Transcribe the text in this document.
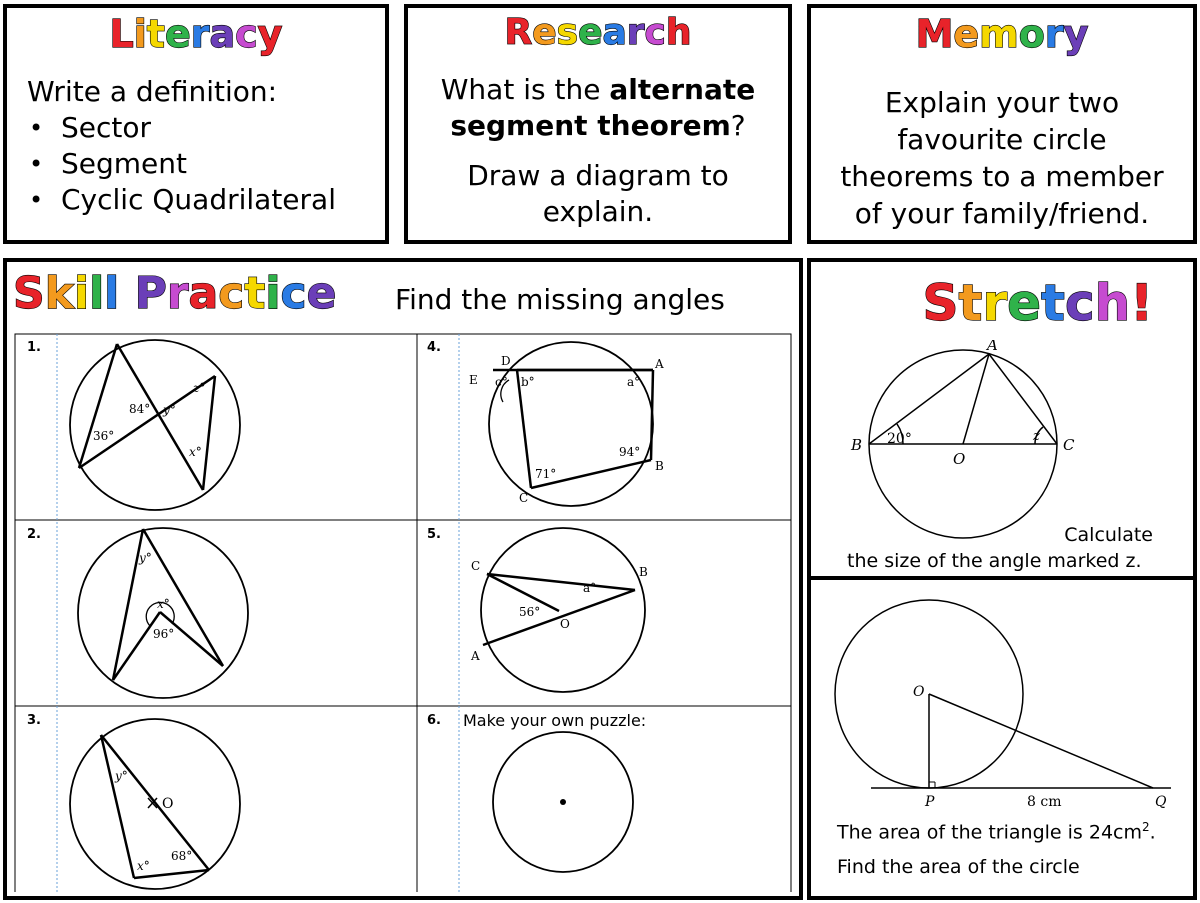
Literacy
Write a definition:
• Sector
• Segment
• Cyclic Quadrilateral
Research
What is the alternate
segment theorem?
Draw a diagram to
explain.
Memory
Explain your two
favourite circle
theorems to a member
of your family/friend.
Skill Practice Find the missing angles
1.
2.
3.
4.
5.
6.
84°
36°
y°
z°
x°
y°
x°
96°
y°
O
x°
68°
D	A
E c° b°	a°
94°
B
71°
C
C	B
a°
56°
O
A
Make your own puzzle:
Stretch!
A
B 20°
O
z C
Calculate
the size of the angle marked z.
O
P	8 cm	Q
The area of the triangle is $24cm^2$.
Find the area of the circle
